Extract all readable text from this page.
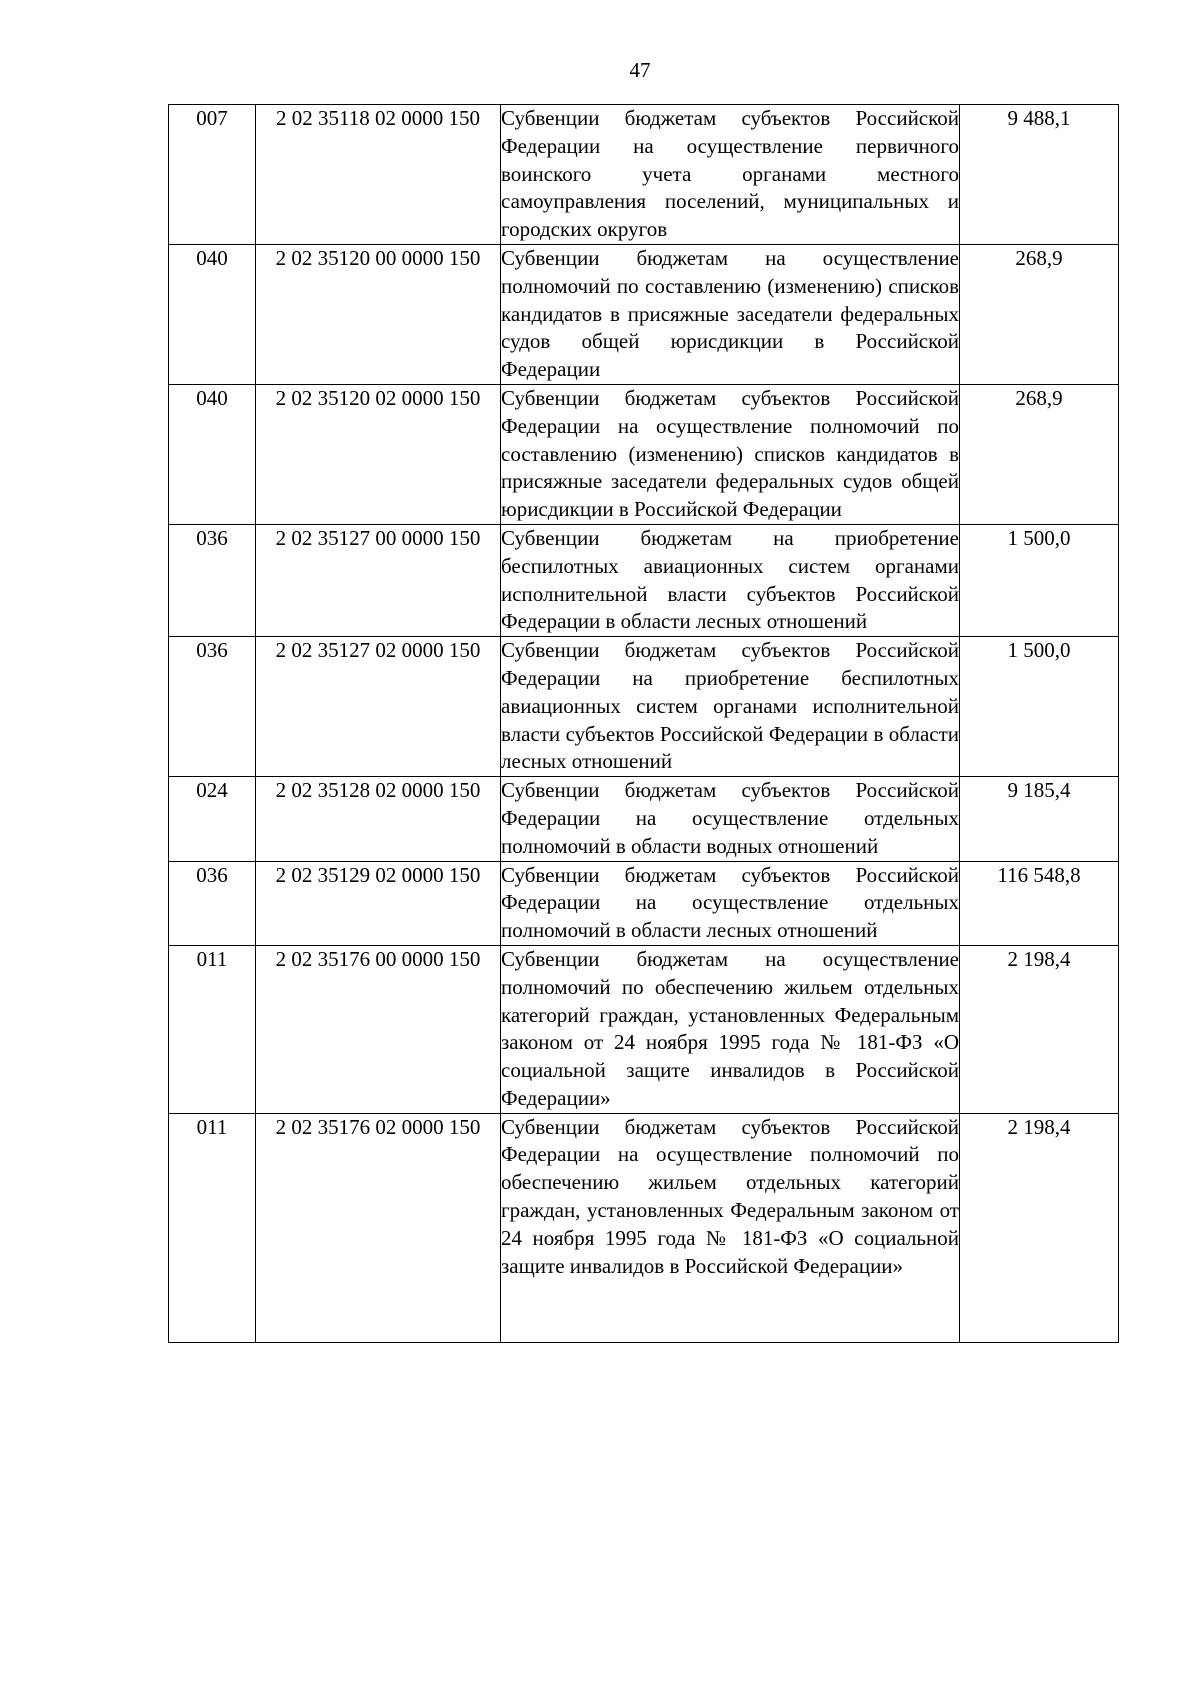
47
007	2 02 35118 02 0000 150	Субвенции бюджетам субъектов Российской Федерации на осуществление первичного воинского учета органами местного самоуправления поселений, муниципальных и городских округов	9 488,1
040	2 02 35120 00 0000 150	Субвенции бюджетам на осуществление полномочий по составлению (изменению) списков кандидатов в присяжные заседатели федеральных судов общей юрисдикции в Российской Федерации	268,9
040	2 02 35120 02 0000 150	Субвенции бюджетам субъектов Российской Федерации на осуществление полномочий по составлению (изменению) списков кандидатов в присяжные заседатели федеральных судов общей юрисдикции в Российской Федерации	268,9
036	2 02 35127 00 0000 150	Субвенции бюджетам на приобретение беспилотных авиационных систем органами исполнительной власти субъектов Российской Федерации в области лесных отношений	1 500,0
036	2 02 35127 02 0000 150	Субвенции бюджетам субъектов Российской Федерации на приобретение беспилотных авиационных систем органами исполнительной власти субъектов Российской Федерации в области лесных отношений	1 500,0
024	2 02 35128 02 0000 150	Субвенции бюджетам субъектов Российской Федерации на осуществление отдельных полномочий в области водных отношений	9 185,4
036	2 02 35129 02 0000 150	Субвенции бюджетам субъектов Российской Федерации на осуществление отдельных полномочий в области лесных отношений	116 548,8
011	2 02 35176 00 0000 150	Субвенции бюджетам на осуществление полномочий по обеспечению жильем отдельных категорий граждан, установленных Федеральным законом от 24 ноября 1995 года № 181-ФЗ «О социальной защите инвалидов в Российской Федерации»	2 198,4
011	2 02 35176 02 0000 150	Субвенции бюджетам субъектов Российской Федерации на осуществление полномочий по обеспечению жильем отдельных категорий граждан, установленных Федеральным законом от 24 ноября 1995 года № 181-ФЗ «О социальной защите инвалидов в Российской Федерации»	2 198,4
